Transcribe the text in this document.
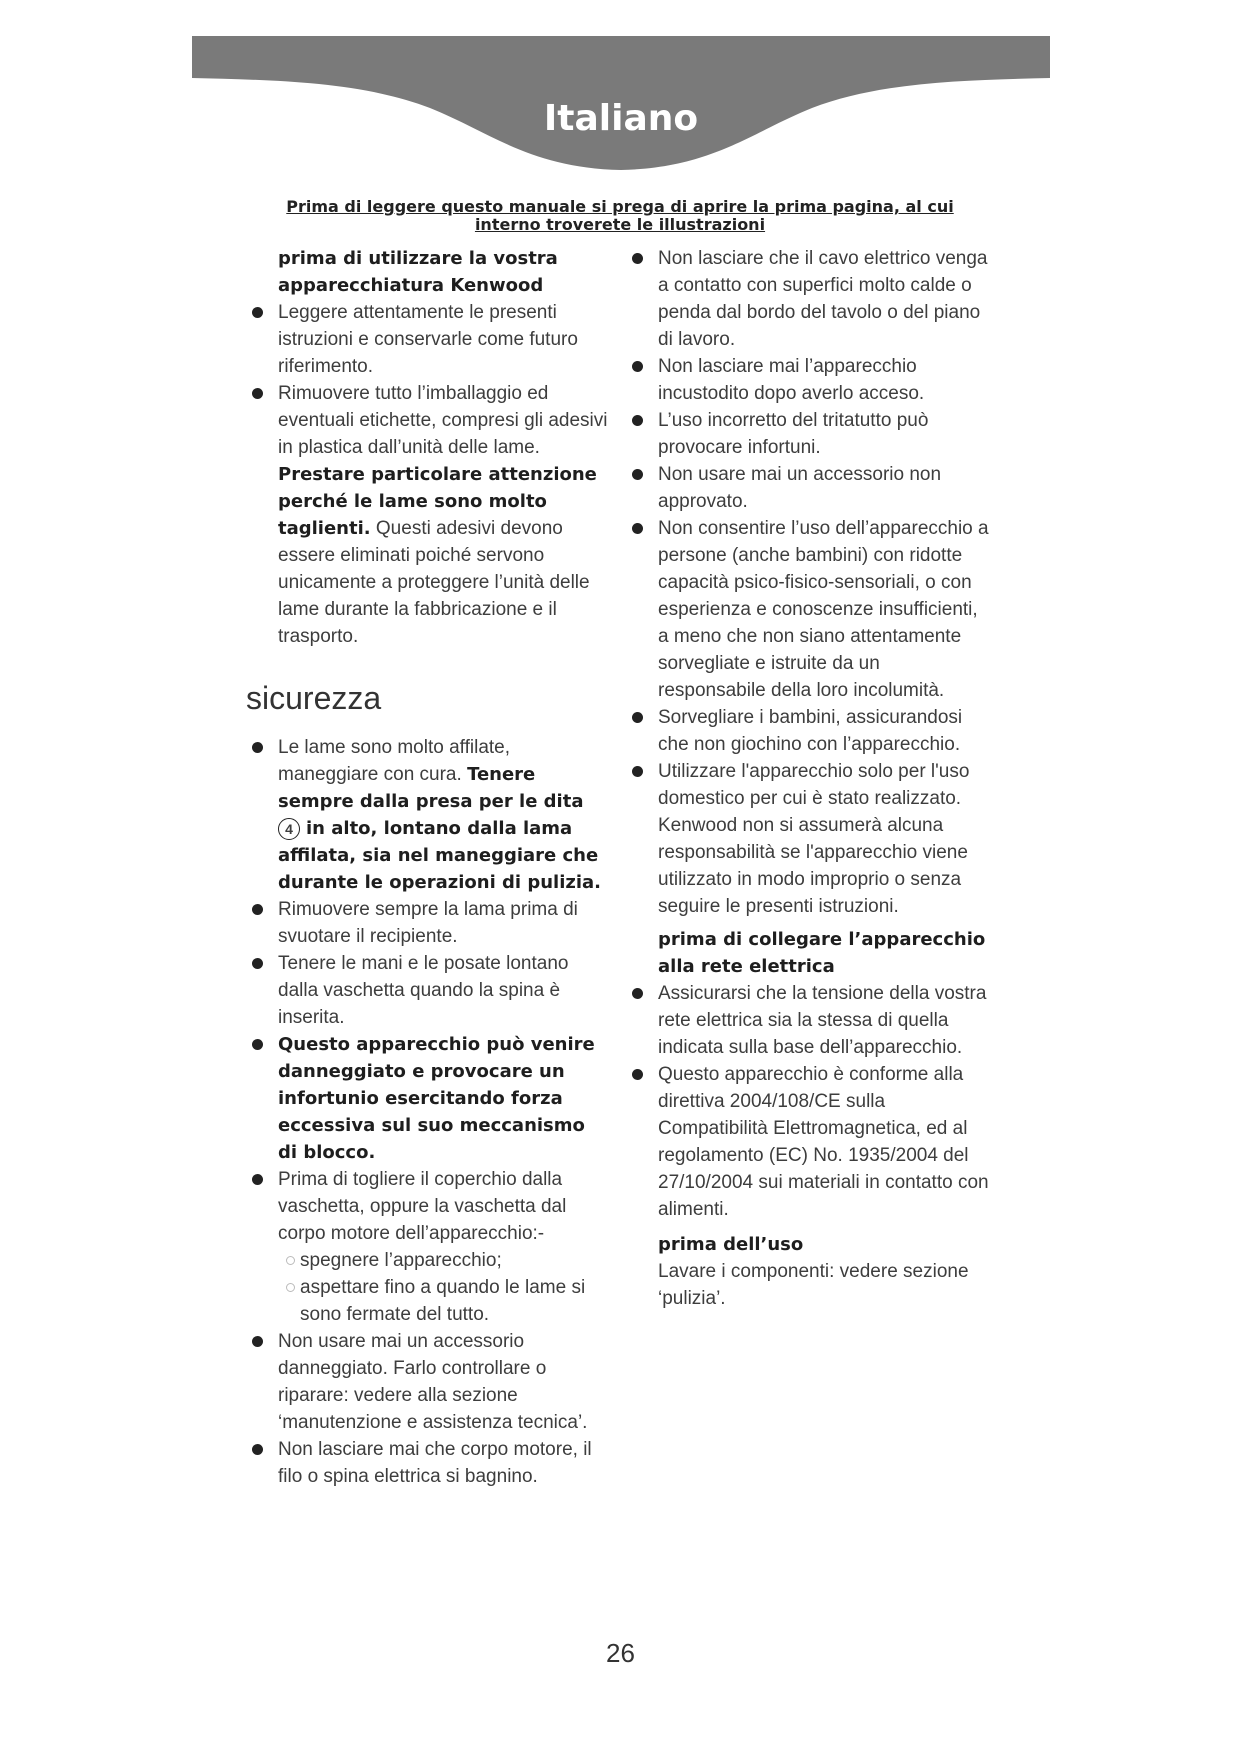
Italiano
Prima di leggere questo manuale si prega di aprire la prima pagina, al cui interno troverete le illustrazioni
prima di utilizzare la vostra apparecchiatura Kenwood
Leggere attentamente le presenti istruzioni e conservarle come futuro riferimento.
Rimuovere tutto l’imballaggio ed eventuali etichette, compresi gli adesivi in plastica dall’unità delle lame. Prestare particolare attenzione perché le lame sono molto taglienti. Questi adesivi devono essere eliminati poiché servono unicamente a proteggere l’unità delle lame durante la fabbricazione e il trasporto.
sicurezza
Le lame sono molto affilate, maneggiare con cura. Tenere sempre dalla presa per le dita 4 in alto, lontano dalla lama affilata, sia nel maneggiare che durante le operazioni di pulizia.
Rimuovere sempre la lama prima di svuotare il recipiente.
Tenere le mani e le posate lontano dalla vaschetta quando la spina è inserita.
Questo apparecchio può venire danneggiato e provocare un infortunio esercitando forza eccessiva sul suo meccanismo di blocco.
Prima di togliere il coperchio dalla vaschetta, oppure la vaschetta dal corpo motore dell’apparecchio:-
spegnere l’apparecchio;
aspettare fino a quando le lame si sono fermate del tutto.
Non usare mai un accessorio danneggiato. Farlo controllare o riparare: vedere alla sezione ‘manutenzione e assistenza tecnica’.
Non lasciare mai che corpo motore, il filo o spina elettrica si bagnino.
Non lasciare che il cavo elettrico venga a contatto con superfici molto calde o penda dal bordo del tavolo o del piano di lavoro.
Non lasciare mai l’apparecchio incustodito dopo averlo acceso.
L’uso incorretto del tritatutto può provocare infortuni.
Non usare mai un accessorio non approvato.
Non consentire l’uso dell’apparecchio a persone (anche bambini) con ridotte capacità psico-fisico-sensoriali, o con esperienza e conoscenze insufficienti, a meno che non siano attentamente sorvegliate e istruite da un responsabile della loro incolumità.
Sorvegliare i bambini, assicurandosi che non giochino con l’apparecchio.
Utilizzare l'apparecchio solo per l'uso domestico per cui è stato realizzato. Kenwood non si assumerà alcuna responsabilità se l'apparecchio viene utilizzato in modo improprio o senza seguire le presenti istruzioni.
prima di collegare l’apparecchio alla rete elettrica
Assicurarsi che la tensione della vostra rete elettrica sia la stessa di quella indicata sulla base dell’apparecchio.
Questo apparecchio è conforme alla direttiva 2004/108/CE sulla Compatibilità Elettromagnetica, ed al regolamento (EC) No. 1935/2004 del 27/10/2004 sui materiali in contatto con alimenti.
prima dell’uso
Lavare i componenti: vedere sezione ‘pulizia’.
26
